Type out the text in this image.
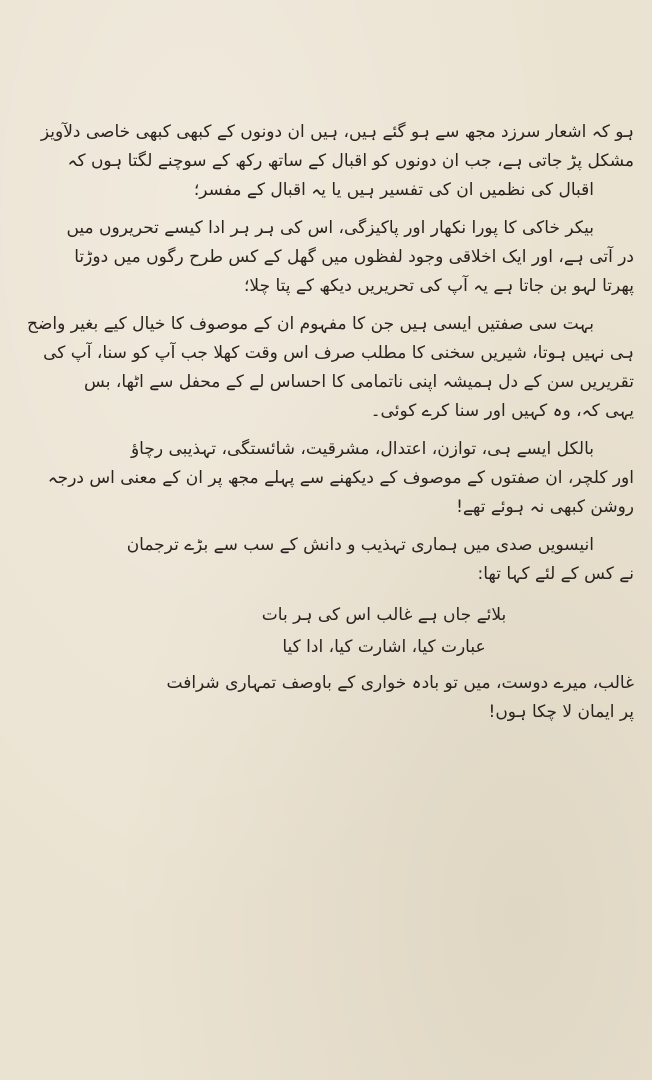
ہو کہ اشعار سرزد مجھ سے ہو گئے ہیں، ہیں ان دونوں کے کبھی کبھی خاصی دلآویز
مشکل پڑ جاتی ہے، جب ان دونوں کو اقبال کے ساتھ رکھ کے سوچنے لگتا ہوں کہ
اقبال کی نظمیں ان کی تفسیر ہیں یا یہ اقبال کے مفسر؛
بیکر خاکی کا پورا نکھار اور پاکیزگی، اس کی ہر ہر ادا کیسے تحریروں میں
در آتی ہے، اور ایک اخلاقی وجود لفظوں میں گھل کے کس طرح رگوں میں دوڑتا
پھرتا لہو بن جاتا ہے یہ آپ کی تحریریں دیکھ کے پتا چلا؛
بہت سی صفتیں ایسی ہیں جن کا مفہوم ان کے موصوف کا خیال کیے بغیر واضح
ہی نہیں ہوتا، شیریں سخنی کا مطلب صرف اس وقت کھلا جب آپ کو سنا، آپ کی
تقریریں سن کے دل ہمیشہ اپنی ناتمامی کا احساس لے کے محفل سے اٹھا، بس
یہی کہ، وہ کہیں اور سنا کرے کوئی۔
بالکل ایسے ہی، توازن، اعتدال، مشرقیت، شائستگی، تہذیبی رچاؤ
اور کلچر، ان صفتوں کے موصوف کے دیکھنے سے پہلے مجھ پر ان کے معنی اس درجہ
روشن کبھی نہ ہوئے تھے!
انیسویں صدی میں ہماری تہذیب و دانش کے سب سے بڑے ترجمان
نے کس کے لئے کہا تھا:
بلائے جاں ہے غالب اس کی ہر بات
عبارت کیا، اشارت کیا، ادا کیا
غالب، میرے دوست، میں تو بادہ خواری کے باوصف تمہاری شرافت
پر ایمان لا چکا ہوں!
